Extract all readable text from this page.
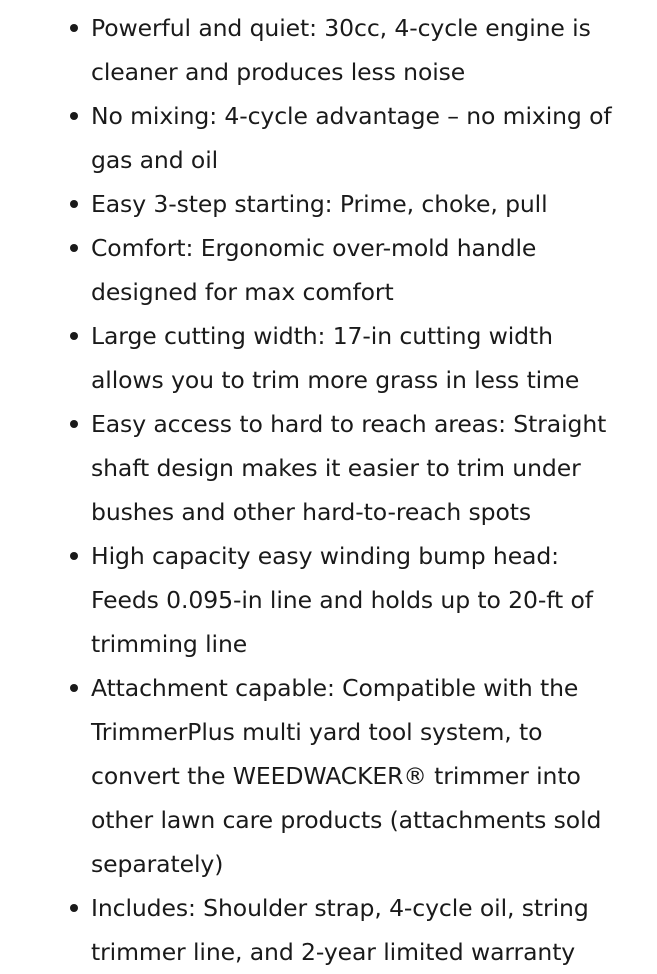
Powerful and quiet: 30cc, 4-cycle engine is cleaner and produces less noise
No mixing: 4-cycle advantage – no mixing of gas and oil
Easy 3-step starting: Prime, choke, pull
Comfort: Ergonomic over-mold handle designed for max comfort
Large cutting width: 17-in cutting width allows you to trim more grass in less time
Easy access to hard to reach areas: Straight shaft design makes it easier to trim under bushes and other hard-to-reach spots
High capacity easy winding bump head: Feeds 0.095-in line and holds up to 20-ft of trimming line
Attachment capable: Compatible with the TrimmerPlus multi yard tool system, to convert the WEEDWACKER® trimmer into other lawn care products (attachments sold separately)
Includes: Shoulder strap, 4-cycle oil, string trimmer line, and 2-year limited warranty
